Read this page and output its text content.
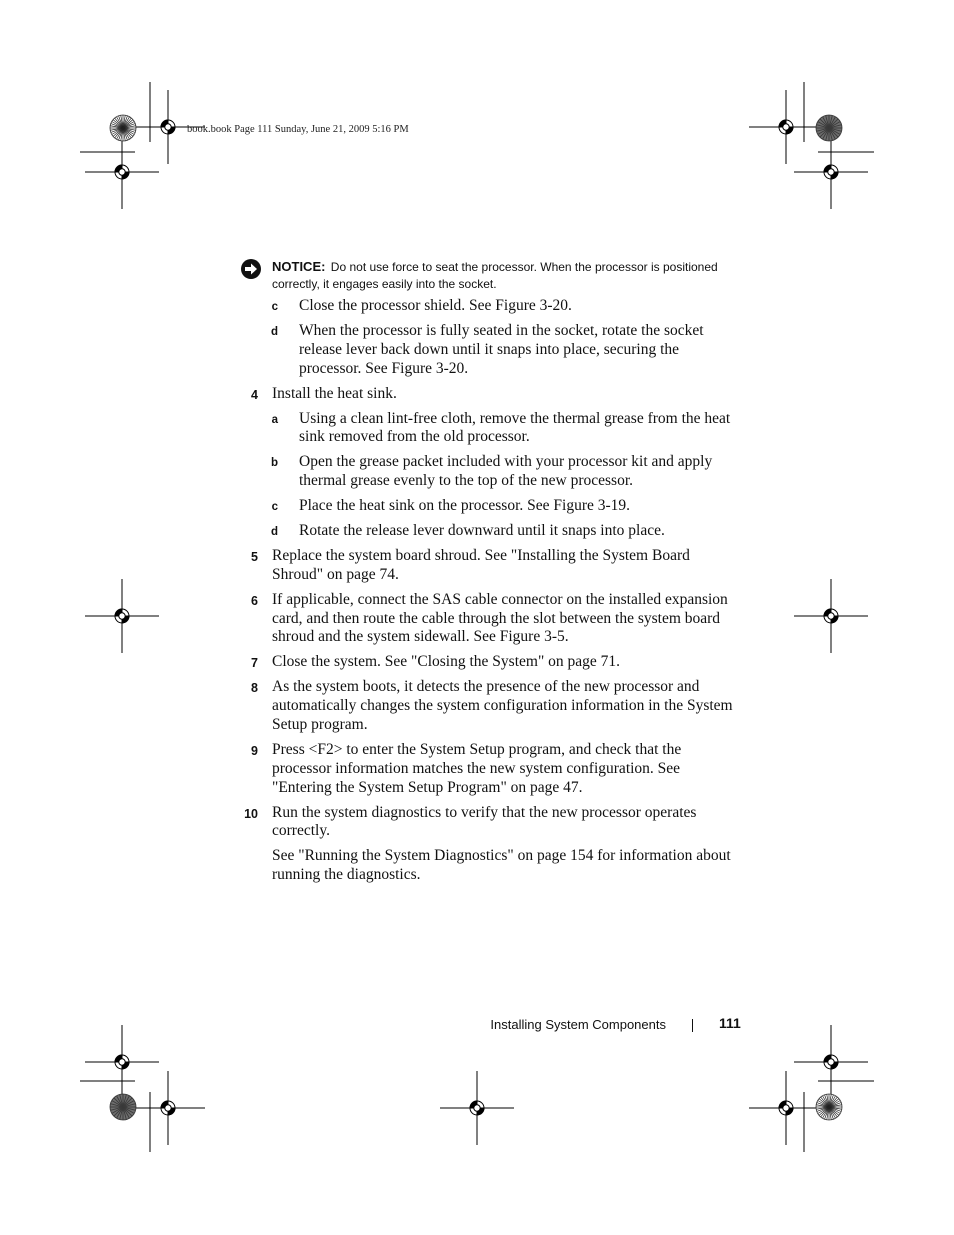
book.book Page 111 Sunday, June 21, 2009 5:16 PM
NOTICE: Do not use force to seat the processor. When the processor is positioned correctly, it engages easily into the socket.
c Close the processor shield. See Figure 3-20.
d When the processor is fully seated in the socket, rotate the socket release lever back down until it snaps into place, securing the processor. See Figure 3-20.
4 Install the heat sink.
a Using a clean lint-free cloth, remove the thermal grease from the heat sink removed from the old processor.
b Open the grease packet included with your processor kit and apply thermal grease evenly to the top of the new processor.
c Place the heat sink on the processor. See Figure 3-19.
d Rotate the release lever downward until it snaps into place.
5 Replace the system board shroud. See "Installing the System Board Shroud" on page 74.
6 If applicable, connect the SAS cable connector on the installed expansion card, and then route the cable through the slot between the system board shroud and the system sidewall. See Figure 3-5.
7 Close the system. See "Closing the System" on page 71.
8 As the system boots, it detects the presence of the new processor and automatically changes the system configuration information in the System Setup program.
9 Press <F2> to enter the System Setup program, and check that the processor information matches the new system configuration. See "Entering the System Setup Program" on page 47.
10 Run the system diagnostics to verify that the new processor operates correctly.
See "Running the System Diagnostics" on page 154 for information about running the diagnostics.
Installing System Components	111
